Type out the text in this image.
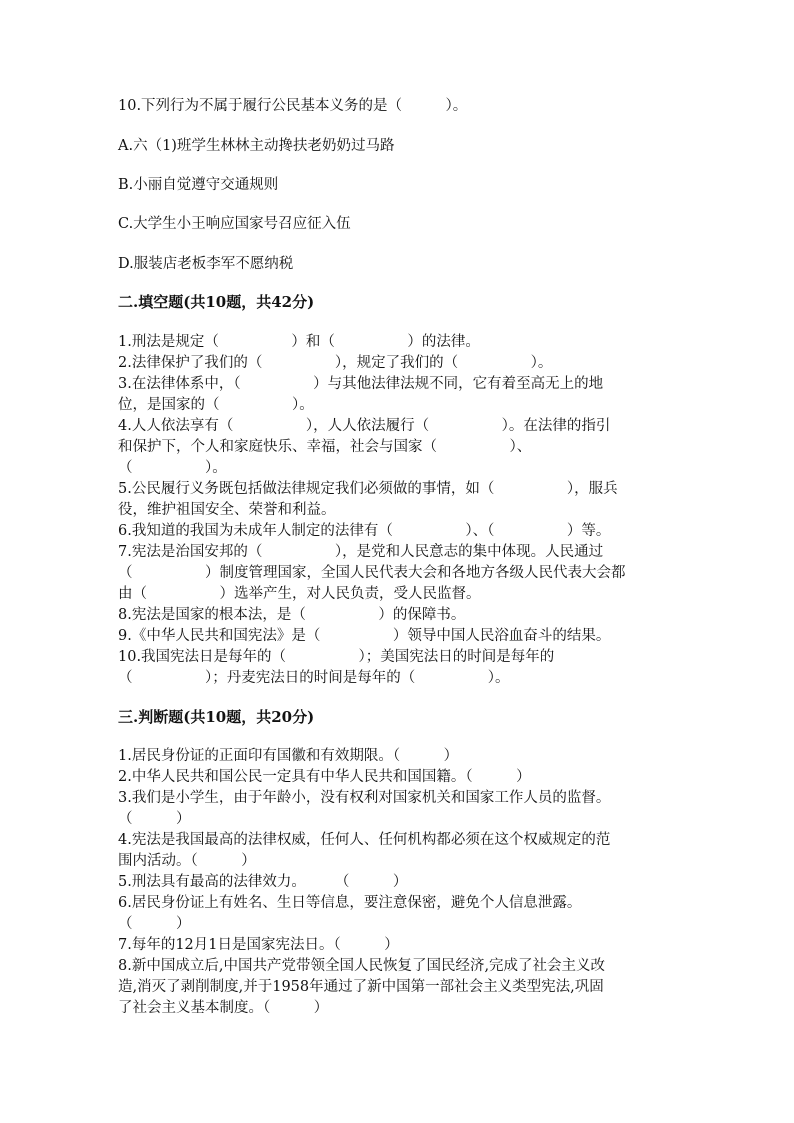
10.下列行为不属于履行公民基本义务的是（　　　）。

A.六（1)班学生林林主动搀扶老奶奶过马路

B.小丽自觉遵守交通规则

C.大学生小王响应国家号召应征入伍

D.服装店老板李军不愿纳税

二.填空题(共10题，共42分)

1.刑法是规定（　　　　　）和（　　　　　）的法律。

2.法律保护了我们的（　　　　　），规定了我们的（　　　　　）。

3.在法律体系中，（　　　　　）与其他法律法规不同，它有着至高无上的地

位，是国家的（　　　　　）。

4.人人依法享有（　　　　　），人人依法履行（　　　　　）。在法律的指引

和保护下，个人和家庭快乐、幸福，社会与国家（　　　　　）、

（　　　　　）。

5.公民履行义务既包括做法律规定我们必须做的事情，如（　　　　　），服兵

役，维护祖国安全、荣誉和利益。

6.我知道的我国为未成年人制定的法律有（　　　　　）、（　　　　　）等。

7.宪法是治国安邦的（　　　　　），是党和人民意志的集中体现。人民通过

（　　　　　）制度管理国家，全国人民代表大会和各地方各级人民代表大会都

由（　　　　　）选举产生，对人民负责，受人民监督。

8.宪法是国家的根本法，是（　　　　　）的保障书。

9.《中华人民共和国宪法》是（　　　　　）领导中国人民浴血奋斗的结果。

10.我国宪法日是每年的（　　　　　）；美国宪法日的时间是每年的

（　　　　　）；丹麦宪法日的时间是每年的（　　　　　）。

三.判断题(共10题，共20分)

1.居民身份证的正面印有国徽和有效期限。（　　　）

2.中华人民共和国公民一定具有中华人民共和国国籍。（　　　）

3.我们是小学生，由于年龄小，没有权利对国家机关和国家工作人员的监督。

（　　　）

4.宪法是我国最高的法律权威，任何人、任何机构都必须在这个权威规定的范

围内活动。（　　　）

5.刑法具有最高的法律效力。　　　（　　　）

6.居民身份证上有姓名、生日等信息，要注意保密，避免个人信息泄露。

（　　　）

7.每年的12月1日是国家宪法日。（　　　）

8.新中国成立后,中国共产党带领全国人民恢复了国民经济,完成了社会主义改

造,消灭了剥削制度,并于1958年通过了新中国第一部社会主义类型宪法,巩固

了社会主义基本制度。（　　　）
